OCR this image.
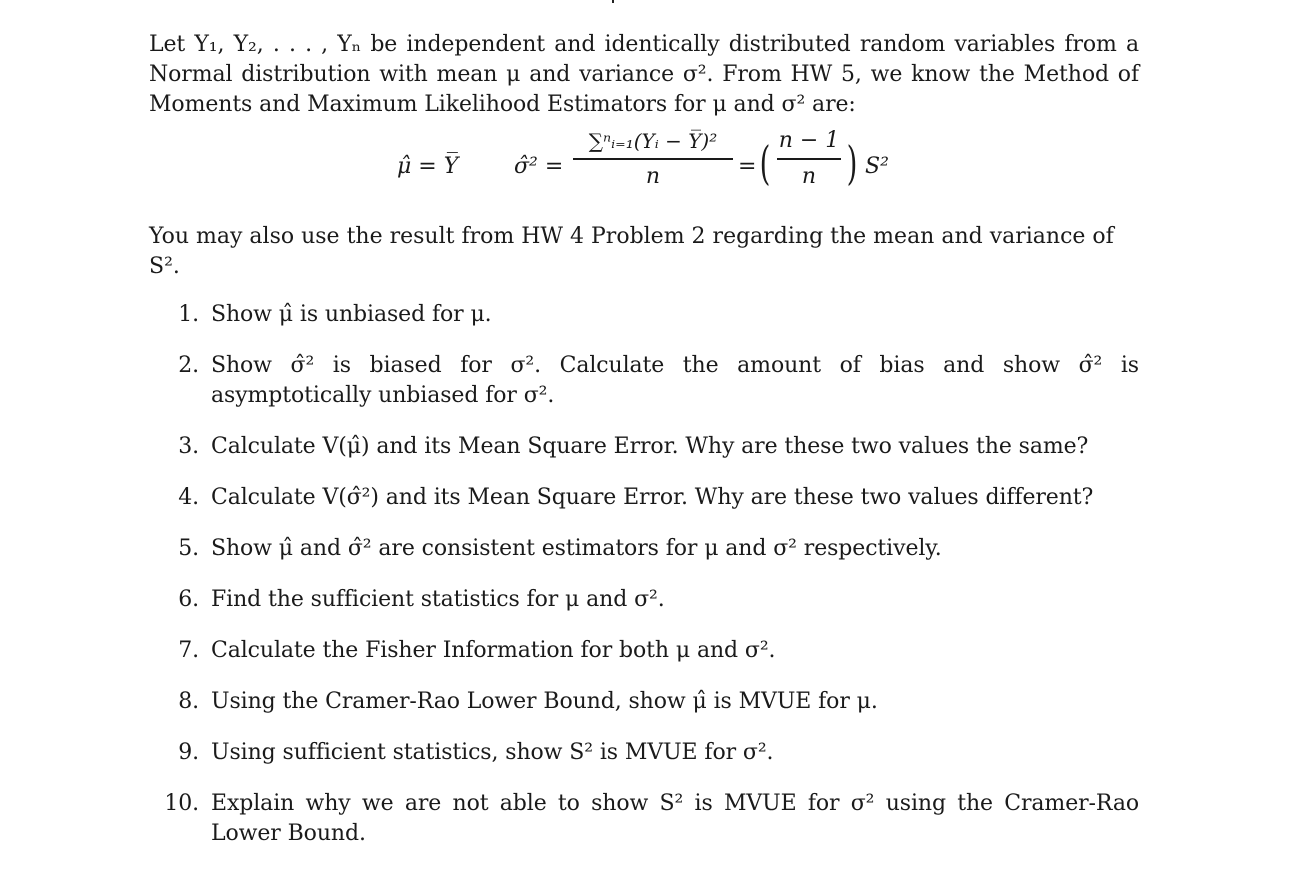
Let Y₁, Y₂, . . . , Yₙ be independent and identically distributed random variables from a Normal distribution with mean μ and variance σ². From HW 5, we know the Method of Moments and Maximum Likelihood Estimators for μ and σ² are:

μ̂ = Y̅	σ̂² =
∑ⁿᵢ₌₁(Yᵢ − Y̅)²
n	= ( n − 1
n ) S²

You may also use the result from HW 4 Problem 2 regarding the mean and variance of S².

1. Show μ̂ is unbiased for μ.
2. Show σ̂² is biased for σ². Calculate the amount of bias and show σ̂² is asymptotically unbiased for σ².
3. Calculate V(μ̂) and its Mean Square Error. Why are these two values the same?
4. Calculate V(σ̂²) and its Mean Square Error. Why are these two values different?
5. Show μ̂ and σ̂² are consistent estimators for μ and σ² respectively.
6. Find the sufficient statistics for μ and σ².
7. Calculate the Fisher Information for both μ and σ².
8. Using the Cramer-Rao Lower Bound, show μ̂ is MVUE for μ.
9. Using sufficient statistics, show S² is MVUE for σ².
10. Explain why we are not able to show S² is MVUE for σ² using the Cramer-Rao Lower Bound.
